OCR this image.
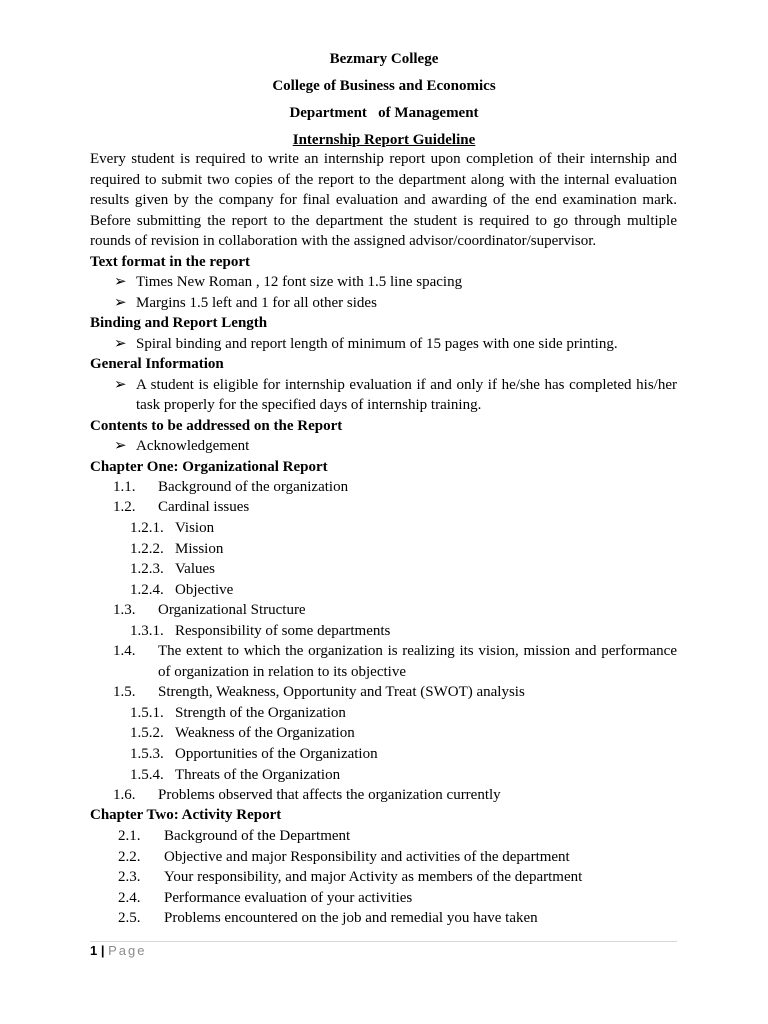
Bezmary College
College of Business and Economics
Department   of Management
Internship Report Guideline
Every student is required to write an internship report upon completion of their internship and
required to submit two copies of the report to the department along with the internal evaluation
results given by the company for final evaluation and awarding of the end examination mark.
Before submitting the report to the department the student is required to go through multiple
rounds of revision in collaboration with the assigned advisor/coordinator/supervisor.
Text format in the report
➢ Times New Roman , 12 font size with 1.5 line spacing
➢ Margins 1.5 left and 1 for all other sides
Binding and Report Length
➢ Spiral binding and report length of minimum of 15 pages with one side printing.
General Information
➢ A student is eligible for internship evaluation if and only if he/she has completed his/her
task properly for the specified days of internship training.
Contents to be addressed on the Report
➢ Acknowledgement
Chapter One: Organizational Report
1.1. Background of the organization
1.2. Cardinal issues
1.2.1. Vision
1.2.2. Mission
1.2.3. Values
1.2.4. Objective
1.3. Organizational Structure
1.3.1. Responsibility of some departments
1.4. The extent to which the organization is realizing its vision, mission and performance
of organization in relation to its objective
1.5. Strength, Weakness, Opportunity and Treat (SWOT) analysis
1.5.1. Strength of the Organization
1.5.2. Weakness of the Organization
1.5.3. Opportunities of the Organization
1.5.4. Threats of the Organization
1.6. Problems observed that affects the organization currently
Chapter Two: Activity Report
2.1. Background of the Department
2.2. Objective and major Responsibility and activities of the department
2.3. Your responsibility, and major Activity as members of the department
2.4. Performance evaluation of your activities
2.5. Problems encountered on the job and remedial you have taken
1 | Page
